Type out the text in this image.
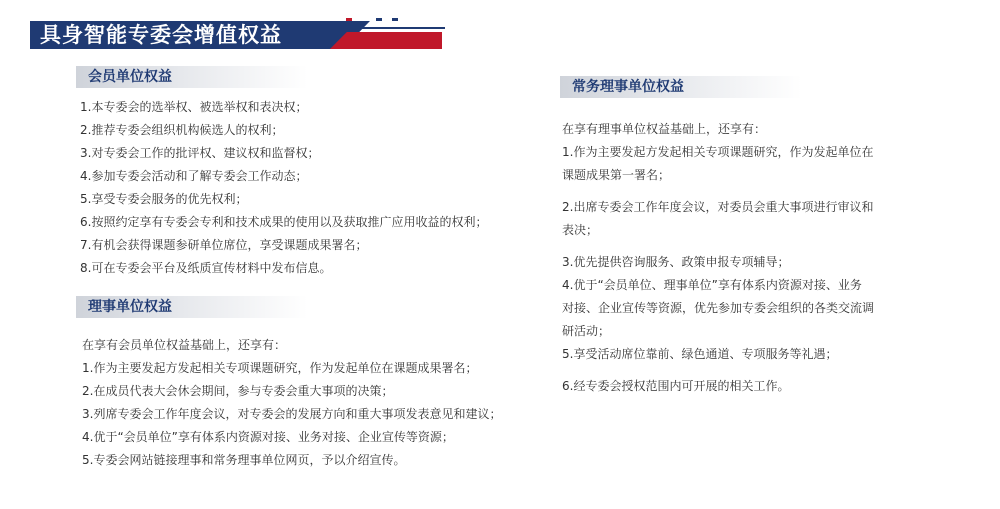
具身智能专委会增值权益
会员单位权益
1.本专委会的选举权、被选举权和表决权；
2.推荐专委会组织机构候选人的权利；
3.对专委会工作的批评权、建议权和监督权；
4.参加专委会活动和了解专委会工作动态；
5.享受专委会服务的优先权利；
6.按照约定享有专委会专利和技术成果的使用以及获取推广应用收益的权利；
7.有机会获得课题参研单位席位，享受课题成果署名；
8.可在专委会平台及纸质宣传材料中发布信息。
理事单位权益
在享有会员单位权益基础上，还享有：
1.作为主要发起方发起相关专项课题研究，作为发起单位在课题成果署名；
2.在成员代表大会休会期间，参与专委会重大事项的决策；
3.列席专委会工作年度会议，对专委会的发展方向和重大事项发表意见和建议；
4.优于“会员单位”享有体系内资源对接、业务对接、企业宣传等资源；
5.专委会网站链接理事和常务理事单位网页，予以介绍宣传。
常务理事单位权益
在享有理事单位权益基础上，还享有：
1.作为主要发起方发起相关专项课题研究，作为发起单位在
课题成果第一署名；
2.出席专委会工作年度会议，对委员会重大事项进行审议和
表决；
3.优先提供咨询服务、政策申报专项辅导；
4.优于“会员单位、理事单位”享有体系内资源对接、业务
对接、企业宣传等资源，优先参加专委会组织的各类交流调
研活动；
5.享受活动席位靠前、绿色通道、专项服务等礼遇；
6.经专委会授权范围内可开展的相关工作。
